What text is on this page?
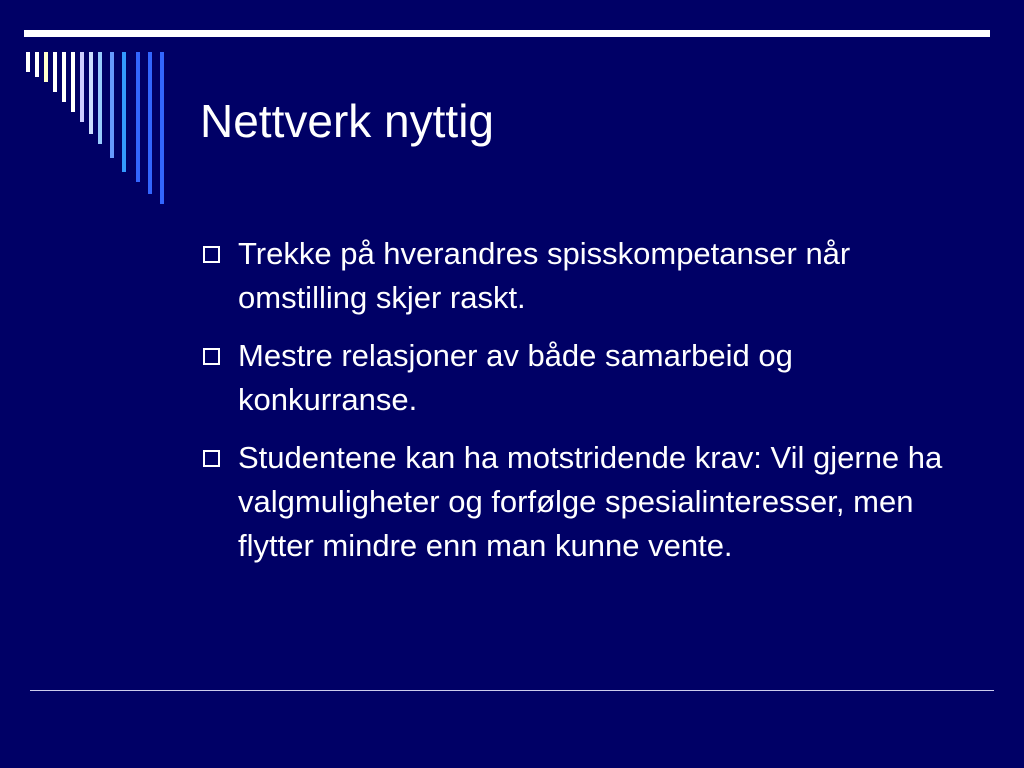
Nettverk nyttig
Trekke på hverandres spisskompetanser når omstilling skjer raskt.
Mestre relasjoner av både samarbeid og konkurranse.
Studentene kan ha motstridende krav: Vil gjerne ha valgmuligheter og forfølge spesialinteresser, men flytter mindre enn man kunne vente.
